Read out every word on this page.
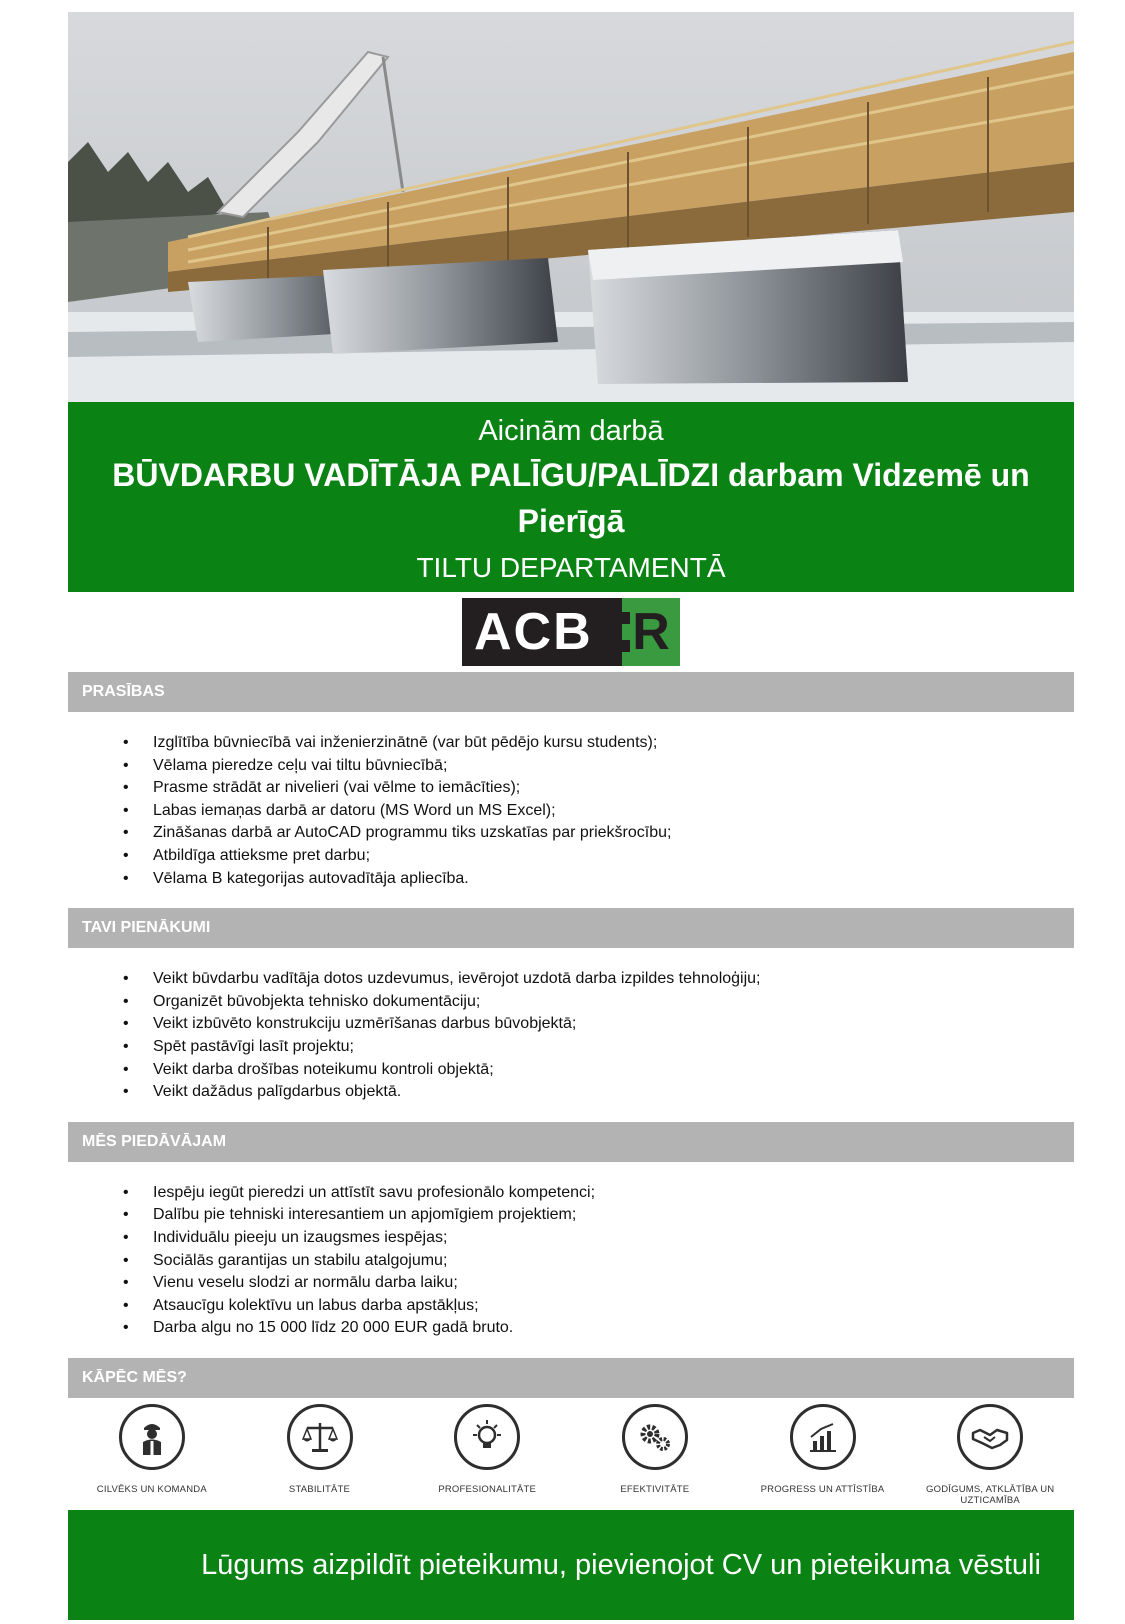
Aicinām darbā
BŪVDARBU VADĪTĀJA PALĪGU/PALĪDZI darbam Vidzemē un Pierīgā
TILTU DEPARTAMENTĀ
ACB R
PRASĪBAS
• Izglītība būvniecībā vai inženierzinātnē (var būt pēdējo kursu students);
• Vēlama pieredze ceļu vai tiltu būvniecībā;
• Prasme strādāt ar nivelieri (vai vēlme to iemācīties);
• Labas iemaņas darbā ar datoru (MS Word un MS Excel);
• Zināšanas darbā ar AutoCAD programmu tiks uzskatīas par priekšrocību;
• Atbildīga attieksme pret darbu;
• Vēlama B kategorijas autovadītāja apliecība.
TAVI PIENĀKUMI
• Veikt būvdarbu vadītāja dotos uzdevumus, ievērojot uzdotā darba izpildes tehnoloģiju;
• Organizēt būvobjekta tehnisko dokumentāciju;
• Veikt izbūvēto konstrukciju uzmērīšanas darbus būvobjektā;
• Spēt pastāvīgi lasīt projektu;
• Veikt darba drošības noteikumu kontroli objektā;
• Veikt dažādus palīgdarbus objektā.
MĒS PIEDĀVĀJAM
• Iespēju iegūt pieredzi un attīstīt savu profesionālo kompetenci;
• Dalību pie tehniski interesantiem un apjomīgiem projektiem;
• Individuālu pieeju un izaugsmes iespējas;
• Sociālās garantijas un stabilu atalgojumu;
• Vienu veselu slodzi ar normālu darba laiku;
• Atsaucīgu kolektīvu un labus darba apstākļus;
• Darba algu no 15 000 līdz 20 000 EUR gadā bruto.
KĀPĒC MĒS?
CILVĒKS UN KOMANDA	STABILITĀTE	PROFESIONALITĀTE	EFEKTIVITĀTE	PROGRESS UN ATTĪSTĪBA	GODĪGUMS, ATKLĀTĪBA UN UZTICAMĪBA
Lūgums aizpildīt pieteikumu, pievienojot CV un pieteikuma vēstuli
